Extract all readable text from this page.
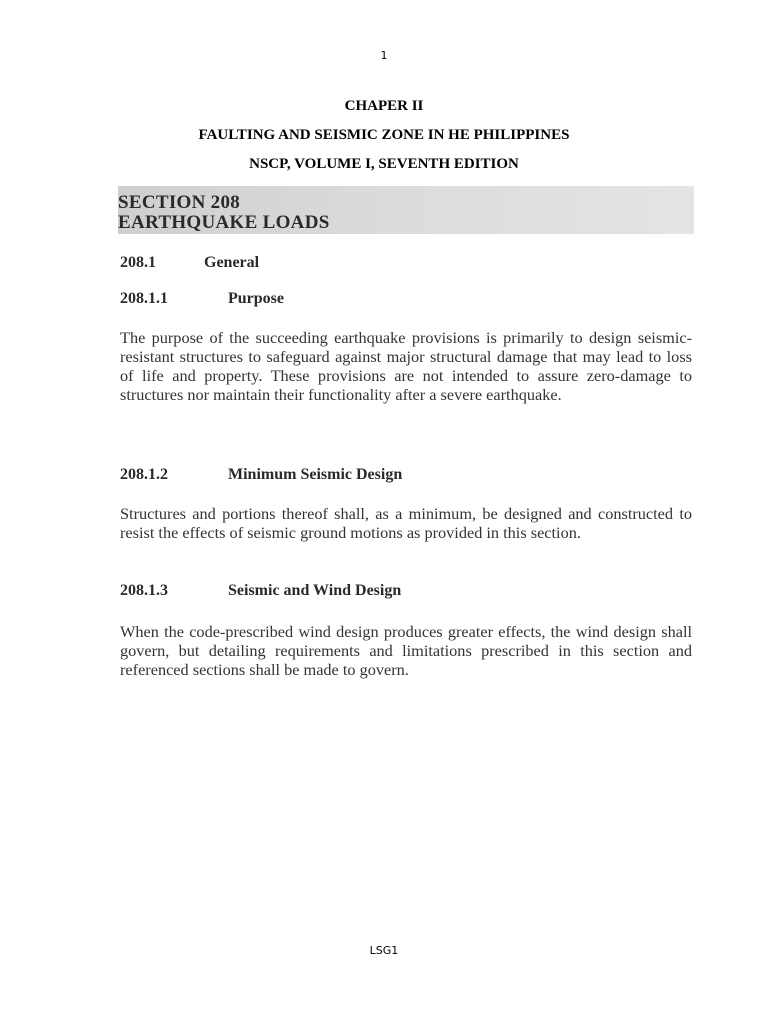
1
CHAPER II
FAULTING AND SEISMIC ZONE IN HE PHILIPPINES
NSCP, VOLUME I, SEVENTH EDITION
SECTION 208
EARTHQUAKE LOADS
208.1	General
208.1.1	Purpose
The purpose of the succeeding earthquake provisions is primarily to design seismic-resistant structures to safeguard against major structural damage that may lead to loss of life and property. These provisions are not intended to assure zero-damage to structures nor maintain their functionality after a severe earthquake.
208.1.2	Minimum Seismic Design
Structures and portions thereof shall, as a minimum, be designed and constructed to resist the effects of seismic ground motions as provided in this section.
208.1.3	Seismic and Wind Design
When the code-prescribed wind design produces greater effects, the wind design shall govern, but detailing requirements and limitations prescribed in this section and referenced sections shall be made to govern.
LSG1
